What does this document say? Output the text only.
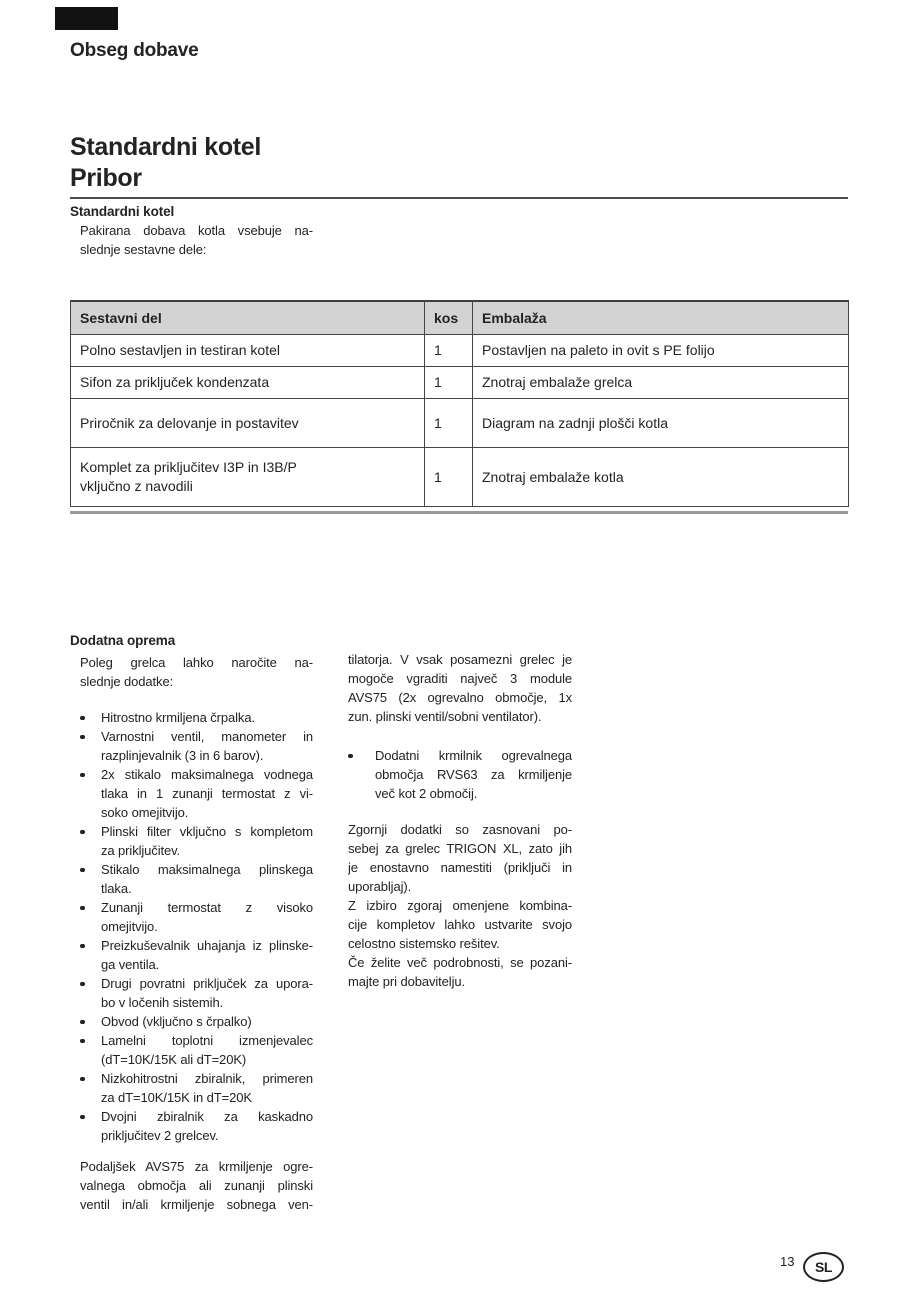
Obseg dobave
Standardni kotel
Pribor
Standardni kotel
Pakirana dobava kotla vsebuje na-
slednje sestavne dele:
Sestavni del	kos	Embalaža

Polno sestavljen in testiran kotel	1	Postavljen na paleto in ovit s PE folijo

Sifon za priključek kondenzata	1	Znotraj embalaže grelca

Priročnik za delovanje in postavitev	1	Diagram na zadnji plošči kotla

Komplet za priključitev I3P in I3B/P
vključno z navodili	1	Znotraj embalaže kotla
Dodatna oprema
Poleg grelca lahko naročite na-
slednje dodatke:
Hitrostno krmiljena črpalka.
Varnostni ventil, manometer in
razplinjevalnik (3 in 6 barov).
2x stikalo maksimalnega vodnega
tlaka in 1 zunanji termostat z vi-
soko omejitvijo.
Plinski filter vključno s kompletom
za priključitev.
Stikalo maksimalnega plinskega
tlaka.
Zunanji termostat z visoko
omejitvijo.
Preizkuševalnik uhajanja iz plinske-
ga ventila.
Drugi povratni priključek za upora-
bo v ločenih sistemih.
Obvod (vključno s črpalko)
Lamelni toplotni izmenjevalec
(dT=10K/15K ali dT=20K)
Nizkohitrostni zbiralnik, primeren
za dT=10K/15K in dT=20K
Dvojni zbiralnik za kaskadno
priključitev 2 grelcev.
Podaljšek AVS75 za krmiljenje ogre-
valnega območja ali zunanji plinski
ventil in/ali krmiljenje sobnega ven-
tilatorja. V vsak posamezni grelec je
mogoče vgraditi največ 3 module
AVS75 (2x ogrevalno območje, 1x
zun. plinski ventil/sobni ventilator).
Dodatni krmilnik ogrevalnega
območja RVS63 za krmiljenje
več kot 2 območij.
Zgornji dodatki so zasnovani po-
sebej za grelec TRIGON XL, zato jih
je enostavno namestiti (priključi in
uporabljaj).
Z izbiro zgoraj omenjene kombina-
cije kompletov lahko ustvarite svojo
celostno sistemsko rešitev.
Če želite več podrobnosti, se pozani-
majte pri dobavitelju.
13 SL
